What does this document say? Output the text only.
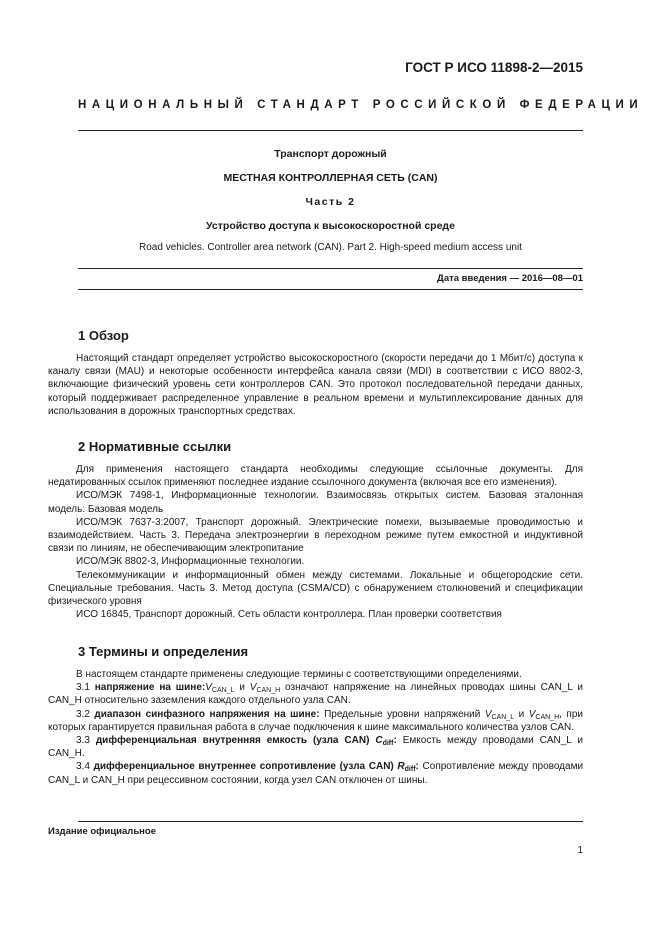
ГОСТ Р ИСО 11898-2—2015
НАЦИОНАЛЬНЫЙ СТАНДАРТ РОССИЙСКОЙ ФЕДЕРАЦИИ
Транспорт дорожный
МЕСТНАЯ КОНТРОЛЛЕРНАЯ СЕТЬ (CAN)
Часть 2
Устройство доступа к высокоскоростной среде
Road vehicles. Controller area network (CAN). Part 2. High-speed medium access unit
Дата введения — 2016—08—01
1 Обзор

Настоящий стандарт определяет устройство высокоскоростного (скорости передачи до 1 Мбит/с) доступа к каналу связи (MAU) и некоторые особенности интерфейса канала связи (MDI) в соответствии с ИСО 8802-3, включающие физический уровень сети контроллеров CAN. Это протокол последовательной передачи данных, который поддерживает распределенное управление в реальном времени и мультиплексирование данных для использования в дорожных транспортных средствах.

2 Нормативные ссылки

Для применения настоящего стандарта необходимы следующие ссылочные документы. Для недатированных ссылок применяют последнее издание ссылочного документа (включая все его изменения).

ИСО/МЭК 7498-1, Информационные технологии. Взаимосвязь открытых систем. Базовая эталонная модель: Базовая модель

ИСО/МЭК 7637-3:2007, Транспорт дорожный. Электрические помехи, вызываемые проводимостью и взаимодействием. Часть 3. Передача электроэнергии в переходном режиме путем емкостной и индуктивной связи по линиям, не обеспечивающим электропитание

ИСО/МЭК 8802-3, Информационные технологии.

Телекоммуникации и информационный обмен между системами. Локальные и общегородские сети. Специальные требования. Часть 3. Метод доступа (CSMA/CD) с обнаружением столкновений и спецификации физического уровня

ИСО 16845, Транспорт дорожный. Сеть области контроллера. План проверки соответствия

3 Термины и определения

В настоящем стандарте применены следующие термины с соответствующими определениями.

3.1 напряжение на $шине:V_{CAN\_L}$ и $V_{CAN\_H}$ означают напряжение на линейных проводах шины CAN_L и CAN_H относительно заземления каждого отдельного узла CAN.

3.2 диапазон синфазного напряжения на шине: Предельные уровни напряжений $V_{CAN\_L}$ и $V_{CAN\_H}$, при которых гарантируется правильная работа в случае подключения к шине максимального количества узлов CAN.

3.3 дифференциальная внутренняя емкость (узла CAN) $C_{diff}$: Емкость между проводами CAN_L и CAN_H.

3.4 дифференциальное внутреннее сопротивление (узла CAN) $R_{diff}$: Сопротивление между проводами CAN_L и CAN_H при рецессивном состоянии, когда узел CAN отключен от шины.

Издание официальное
1
